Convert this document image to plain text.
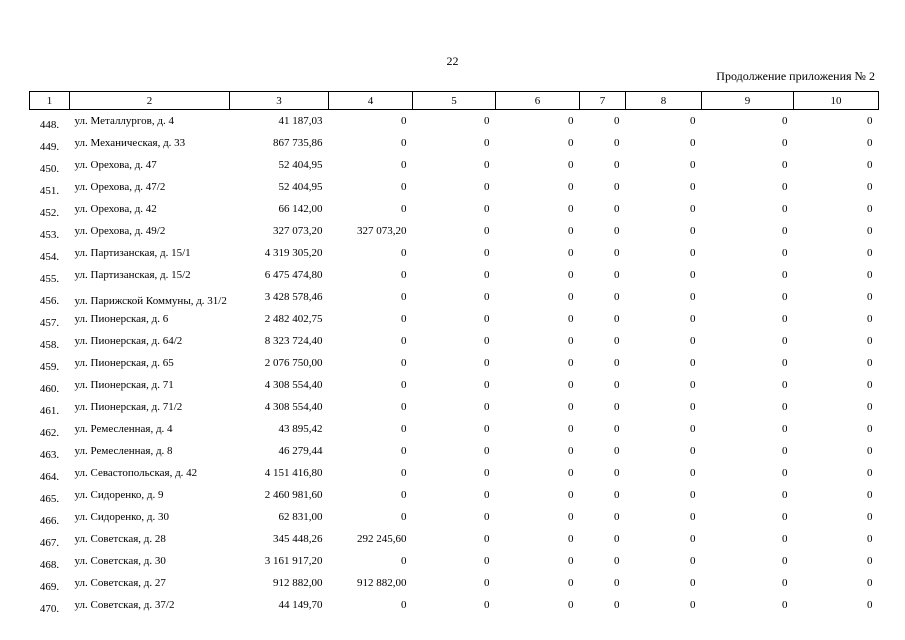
22
Продолжение приложения № 2
1	2	3	4	5	6	7	8	9	10
448.	ул. Металлургов, д. 4	41 187,03	0	0	0	0	0	0	0
449.	ул. Механическая, д. 33	867 735,86	0	0	0	0	0	0	0
450.	ул. Орехова, д. 47	52 404,95	0	0	0	0	0	0	0
451.	ул. Орехова, д. 47/2	52 404,95	0	0	0	0	0	0	0
452.	ул. Орехова, д. 42	66 142,00	0	0	0	0	0	0	0
453.	ул. Орехова, д. 49/2	327 073,20	327 073,20	0	0	0	0	0	0
454.	ул. Партизанская, д. 15/1	4 319 305,20	0	0	0	0	0	0	0
455.	ул. Партизанская, д. 15/2	6 475 474,80	0	0	0	0	0	0	0
456.	ул. Парижской Коммуны, д. 31/2	3 428 578,46	0	0	0	0	0	0	0
457.	ул. Пионерская, д. 6	2 482 402,75	0	0	0	0	0	0	0
458.	ул. Пионерская, д. 64/2	8 323 724,40	0	0	0	0	0	0	0
459.	ул. Пионерская, д. 65	2 076 750,00	0	0	0	0	0	0	0
460.	ул. Пионерская, д. 71	4 308 554,40	0	0	0	0	0	0	0
461.	ул. Пионерская, д. 71/2	4 308 554,40	0	0	0	0	0	0	0
462.	ул. Ремесленная, д. 4	43 895,42	0	0	0	0	0	0	0
463.	ул. Ремесленная, д. 8	46 279,44	0	0	0	0	0	0	0
464.	ул. Севастопольская, д. 42	4 151 416,80	0	0	0	0	0	0	0
465.	ул. Сидоренко, д. 9	2 460 981,60	0	0	0	0	0	0	0
466.	ул. Сидоренко, д. 30	62 831,00	0	0	0	0	0	0	0
467.	ул. Советская, д. 28	345 448,26	292 245,60	0	0	0	0	0	0
468.	ул. Советская, д. 30	3 161 917,20	0	0	0	0	0	0	0
469.	ул. Советская, д. 27	912 882,00	912 882,00	0	0	0	0	0	0
470.	ул. Советская, д. 37/2	44 149,70	0	0	0	0	0	0	0
